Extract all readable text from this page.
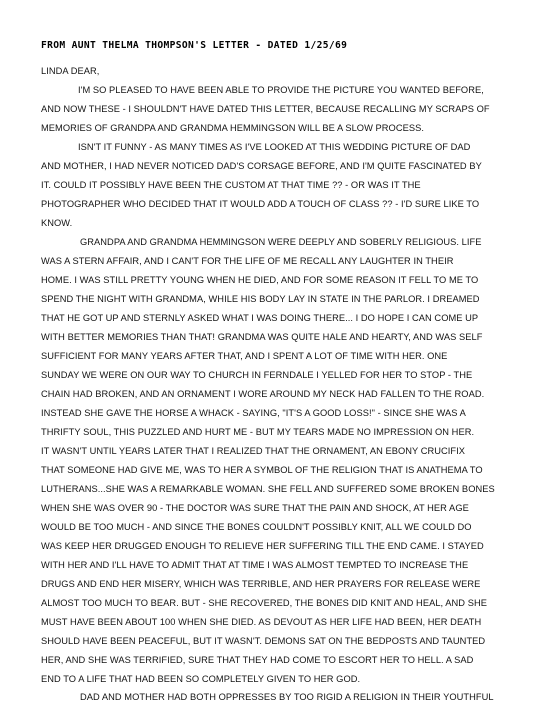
FROM AUNT THELMA THOMPSON'S LETTER - DATED 1/25/69
LINDA DEAR,
I'M SO PLEASED TO HAVE BEEN ABLE TO PROVIDE THE PICTURE YOU WANTED BEFORE,
AND NOW THESE - I SHOULDN'T HAVE DATED THIS LETTER, BECAUSE RECALLING MY SCRAPS OF
MEMORIES OF GRANDPA AND GRANDMA HEMMINGSON WILL BE A SLOW PROCESS.
ISN'T IT FUNNY - AS MANY TIMES AS I'VE LOOKED AT THIS WEDDING PICTURE OF DAD
AND MOTHER, I HAD NEVER NOTICED DAD'S CORSAGE BEFORE, AND I'M QUITE FASCINATED BY
IT. COULD IT POSSIBLY HAVE BEEN THE CUSTOM AT THAT TIME ?? - OR WAS IT THE
PHOTOGRAPHER WHO DECIDED THAT IT WOULD ADD A TOUCH OF CLASS ?? - I'D SURE LIKE TO
KNOW.
GRANDPA AND GRANDMA HEMMINGSON WERE DEEPLY AND SOBERLY RELIGIOUS. LIFE
WAS A STERN AFFAIR, AND I CAN'T FOR THE LIFE OF ME RECALL ANY LAUGHTER IN THEIR
HOME. I WAS STILL PRETTY YOUNG WHEN HE DIED, AND FOR SOME REASON IT FELL TO ME TO
SPEND THE NIGHT WITH GRANDMA, WHILE HIS BODY LAY IN STATE IN THE PARLOR. I DREAMED
THAT HE GOT UP AND STERNLY ASKED WHAT I WAS DOING THERE... I DO HOPE I CAN COME UP
WITH BETTER MEMORIES THAN THAT! GRANDMA WAS QUITE HALE AND HEARTY, AND WAS SELF
SUFFICIENT FOR MANY YEARS AFTER THAT, AND I SPENT A LOT OF TIME WITH HER. ONE
SUNDAY WE WERE ON OUR WAY TO CHURCH IN FERNDALE I YELLED FOR HER TO STOP - THE
CHAIN HAD BROKEN, AND AN ORNAMENT I WORE AROUND MY NECK HAD FALLEN TO THE ROAD.
INSTEAD SHE GAVE THE HORSE A WHACK - SAYING, "IT'S A GOOD LOSS!" - SINCE SHE WAS A
THRIFTY SOUL, THIS PUZZLED AND HURT ME - BUT MY TEARS MADE NO IMPRESSION ON HER.
IT WASN'T UNTIL YEARS LATER THAT I REALIZED THAT THE ORNAMENT, AN EBONY CRUCIFIX
THAT SOMEONE HAD GIVE ME, WAS TO HER A SYMBOL OF THE RELIGION THAT IS ANATHEMA TO
LUTHERANS...SHE WAS A REMARKABLE WOMAN. SHE FELL AND SUFFERED SOME BROKEN BONES
WHEN SHE WAS OVER 90 - THE DOCTOR WAS SURE THAT THE PAIN AND SHOCK, AT HER AGE
WOULD BE TOO MUCH - AND SINCE THE BONES COULDN'T POSSIBLY KNIT, ALL WE COULD DO
WAS KEEP HER DRUGGED ENOUGH TO RELIEVE HER SUFFERING TILL THE END CAME. I STAYED
WITH HER AND I'LL HAVE TO ADMIT THAT AT TIME I WAS ALMOST TEMPTED TO INCREASE THE
DRUGS AND END HER MISERY, WHICH WAS TERRIBLE, AND HER PRAYERS FOR RELEASE WERE
ALMOST TOO MUCH TO BEAR. BUT - SHE RECOVERED, THE BONES DID KNIT AND HEAL, AND SHE
MUST HAVE BEEN ABOUT 100 WHEN SHE DIED. AS DEVOUT AS HER LIFE HAD BEEN, HER DEATH
SHOULD HAVE BEEN PEACEFUL, BUT IT WASN'T. DEMONS SAT ON THE BEDPOSTS AND TAUNTED
HER, AND SHE WAS TERRIFIED, SURE THAT THEY HAD COME TO ESCORT HER TO HELL. A SAD
END TO A LIFE THAT HAD BEEN SO COMPLETELY GIVEN TO HER GOD.
DAD AND MOTHER HAD BOTH OPPRESSES BY TOO RIGID A RELIGION IN THEIR YOUTHFUL
